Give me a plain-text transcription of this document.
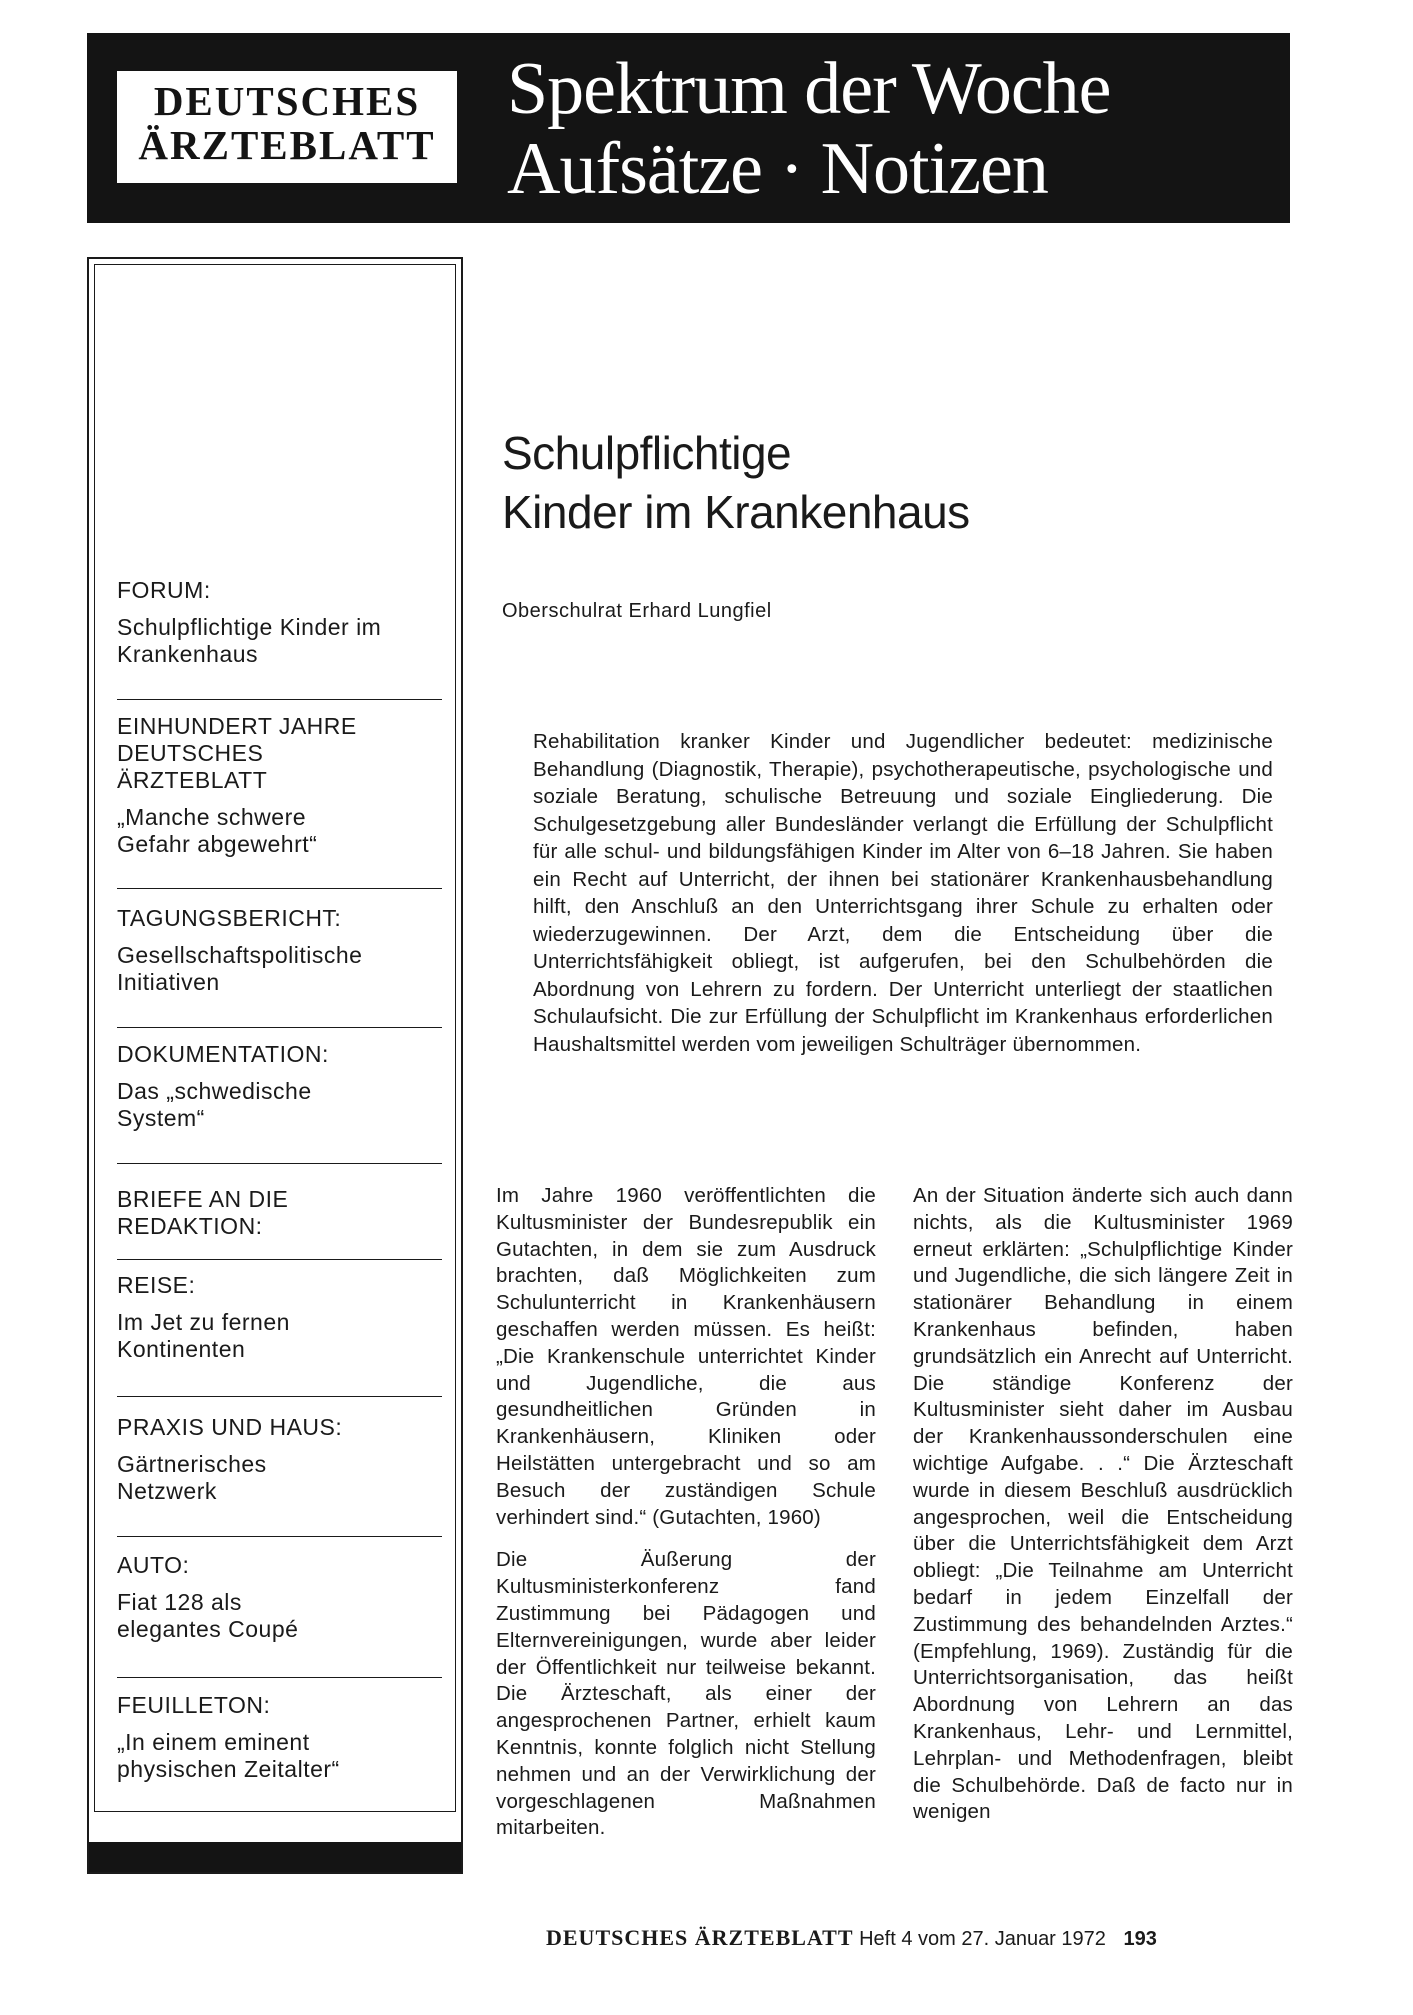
DEUTSCHES
ÄRZTEBLATT
Spektrum der Woche
Aufsätze · Notizen
FORUM:
Schulpflichtige Kinder im Krankenhaus
EINHUNDERT JAHRE DEUTSCHES ÄRZTEBLATT
„Manche schwere Gefahr abgewehrt“
TAGUNGSBERICHT:
Gesellschaftspolitische Initiativen
DOKUMENTATION:
Das „schwedische System“
BRIEFE AN DIE REDAKTION:
REISE:
Im Jet zu fernen Kontinenten
PRAXIS UND HAUS:
Gärtnerisches Netzwerk
AUTO:
Fiat 128 als elegantes Coupé
FEUILLETON:
„In einem eminent physischen Zeitalter“
Schulpflichtige
Kinder im Krankenhaus
Oberschulrat Erhard Lungfiel
Rehabilitation kranker Kinder und Jugendlicher bedeutet: medizinische Behandlung (Diagnostik, Therapie), psychotherapeutische, psychologische und soziale Beratung, schulische Betreuung und soziale Eingliederung. Die Schulgesetzgebung aller Bundesländer verlangt die Erfüllung der Schulpflicht für alle schul- und bildungsfähigen Kinder im Alter von 6–18 Jahren. Sie haben ein Recht auf Unterricht, der ihnen bei stationärer Krankenhausbehandlung hilft, den Anschluß an den Unterrichtsgang ihrer Schule zu erhalten oder wiederzugewinnen. Der Arzt, dem die Entscheidung über die Unterrichtsfähigkeit obliegt, ist aufgerufen, bei den Schulbehörden die Abordnung von Lehrern zu fordern. Der Unterricht unterliegt der staatlichen Schulaufsicht. Die zur Erfüllung der Schulpflicht im Krankenhaus erforderlichen Haushaltsmittel werden vom jeweiligen Schulträger übernommen.

Im Jahre 1960 veröffentlichten die Kultusminister der Bundesrepublik ein Gutachten, in dem sie zum Ausdruck brachten, daß Möglichkeiten zum Schulunterricht in Krankenhäusern geschaffen werden müssen. Es heißt: „Die Krankenschule unterrichtet Kinder und Jugendliche, die aus gesundheitlichen Gründen in Krankenhäusern, Kliniken oder Heilstätten untergebracht und so am Besuch der zuständigen Schule verhindert sind.“ (Gutachten, 1960)

Die Äußerung der Kultusministerkonferenz fand Zustimmung bei Pädagogen und Elternvereinigungen, wurde aber leider der Öffentlichkeit nur teilweise bekannt. Die Ärzteschaft, als einer der angesprochenen Partner, erhielt kaum Kenntnis, konnte folglich nicht Stellung nehmen und an der Verwirklichung der vorgeschlagenen Maßnahmen mitarbeiten.

An der Situation änderte sich auch dann nichts, als die Kultusminister 1969 erneut erklärten: „Schulpflichtige Kinder und Jugendliche, die sich längere Zeit in stationärer Behandlung in einem Krankenhaus befinden, haben grundsätzlich ein Anrecht auf Unterricht. Die ständige Konferenz der Kultusminister sieht daher im Ausbau der Krankenhaussonderschulen eine wichtige Aufgabe. . .“ Die Ärzteschaft wurde in diesem Beschluß ausdrücklich angesprochen, weil die Entscheidung über die Unterrichtsfähigkeit dem Arzt obliegt: „Die Teilnahme am Unterricht bedarf in jedem Einzelfall der Zustimmung des behandelnden Arztes.“ (Empfehlung, 1969). Zuständig für die Unterrichtsorganisation, das heißt Abordnung von Lehrern an das Krankenhaus, Lehr- und Lernmittel, Lehrplan- und Methodenfragen, bleibt die Schulbehörde. Daß de facto nur in wenigen

DEUTSCHES ÄRZTEBLATT Heft 4 vom 27. Januar 1972 193
